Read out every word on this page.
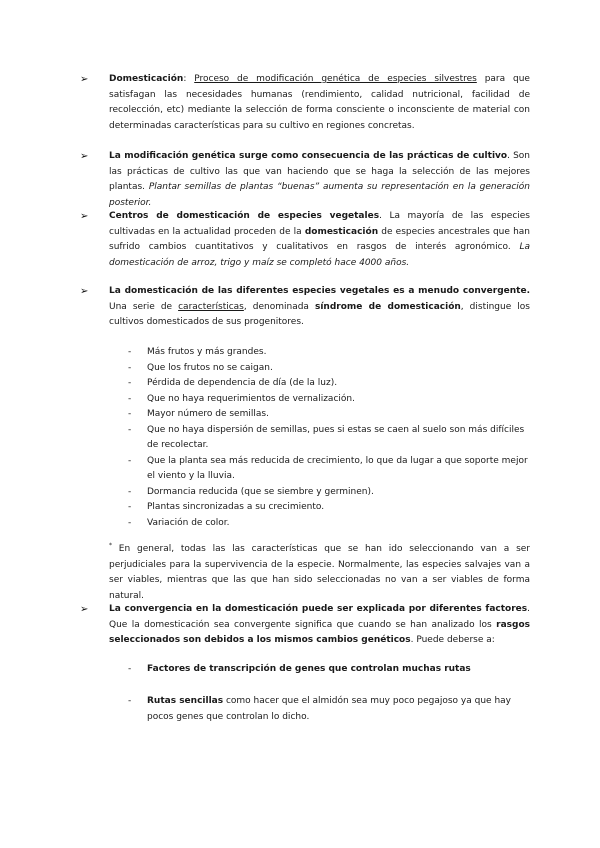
➢ Domesticación: Proceso de modificación genética de especies silvestres para que satisfagan las necesidades humanas (rendimiento, calidad nutricional, facilidad de recolección, etc) mediante la selección de forma consciente o inconsciente de material con determinadas características para su cultivo en regiones concretas.
➢ La modificación genética surge como consecuencia de las prácticas de cultivo. Son las prácticas de cultivo las que van haciendo que se haga la selección de las mejores plantas. Plantar semillas de plantas “buenas” aumenta su representación en la generación posterior.
➢ Centros de domesticación de especies vegetales. La mayoría de las especies cultivadas en la actualidad proceden de la domesticación de especies ancestrales que han sufrido cambios cuantitativos y cualitativos en rasgos de interés agronómico. La domesticación de arroz, trigo y maíz se completó hace 4000 años.
➢ La domesticación de las diferentes especies vegetales es a menudo convergente. Una serie de características, denominada síndrome de domesticación, distingue los cultivos domesticados de sus progenitores.
- Más frutos y más grandes.
- Que los frutos no se caigan.
- Pérdida de dependencia de día (de la luz).
- Que no haya requerimientos de vernalización.
- Mayor número de semillas.
- Que no haya dispersión de semillas, pues si estas se caen al suelo son más difíciles de recolectar.
- Que la planta sea más reducida de crecimiento, lo que da lugar a que soporte mejor el viento y la lluvia.
- Dormancia reducida (que se siembre y germinen).
- Plantas sincronizadas a su crecimiento.
- Variación de color.
* En general, todas las las características que se han ido seleccionando van a ser perjudiciales para la supervivencia de la especie. Normalmente, las especies salvajes van a ser viables, mientras que las que han sido seleccionadas no van a ser viables de forma natural.
➢ La convergencia en la domesticación puede ser explicada por diferentes factores. Que la domesticación sea convergente significa que cuando se han analizado los rasgos seleccionados son debidos a los mismos cambios genéticos. Puede deberse a:
- Factores de transcripción de genes que controlan muchas rutas
- Rutas sencillas como hacer que el almidón sea muy poco pegajoso ya que hay pocos genes que controlan lo dicho.
